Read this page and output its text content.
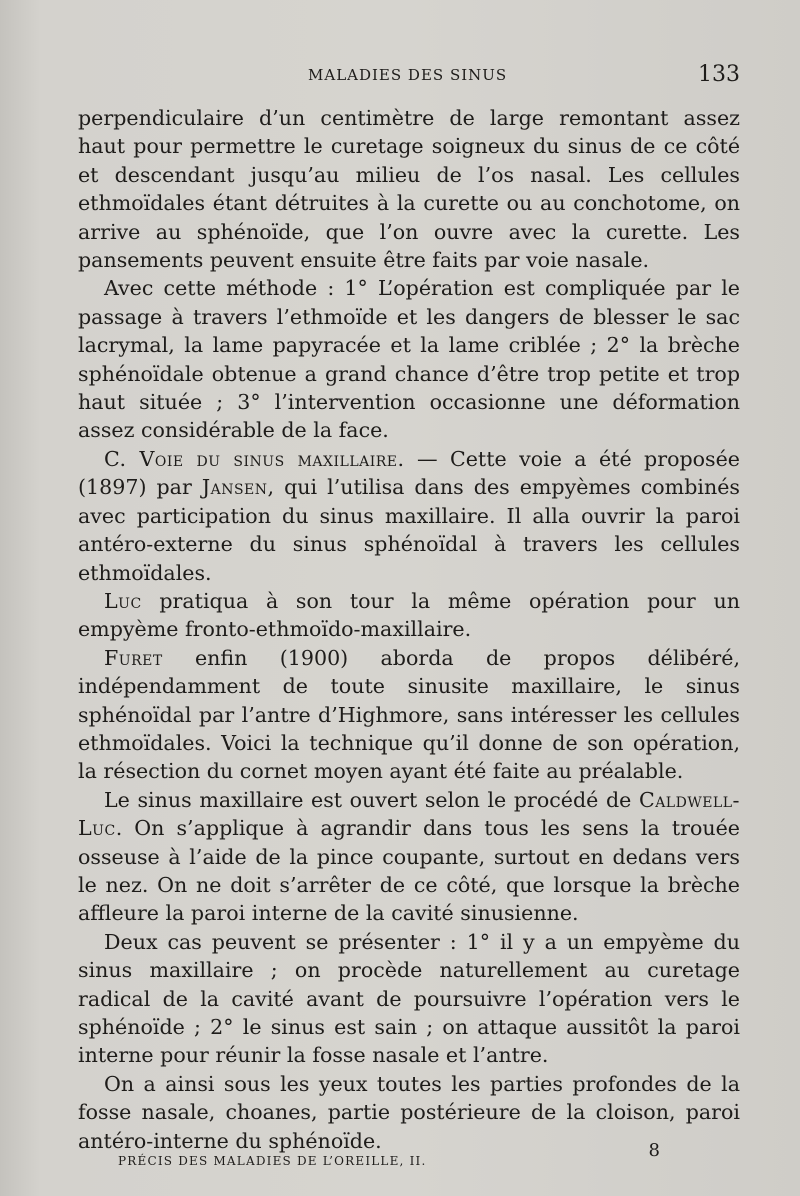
MALADIES DES SINUS	133

perpendiculaire d’un centimètre de large remontant assez haut pour permettre le curetage soigneux du sinus de ce côté et descendant jusqu’au milieu de l’os nasal. Les cellules ethmoïdales étant détruites à la curette ou au conchotome, on arrive au sphénoïde, que l’on ouvre avec la curette. Les pansements peuvent ensuite être faits par voie nasale.

Avec cette méthode : 1° L’opération est compliquée par le passage à travers l’ethmoïde et les dangers de blesser le sac lacrymal, la lame papyracée et la lame criblée ; 2° la brèche sphénoïdale obtenue a grand chance d’être trop petite et trop haut située ; 3° l’intervention occasionne une déformation assez considérable de la face.

C. Voie du sinus maxillaire. — Cette voie a été proposée (1897) par Jansen, qui l’utilisa dans des empyèmes combinés avec participation du sinus maxillaire. Il alla ouvrir la paroi antéro-externe du sinus sphénoïdal à travers les cellules ethmoïdales.

Luc pratiqua à son tour la même opération pour un empyème fronto-ethmoïdo-maxillaire.

Furet enfin (1900) aborda de propos délibéré, indépendamment de toute sinusite maxillaire, le sinus sphénoïdal par l’antre d’Highmore, sans intéresser les cellules ethmoïdales. Voici la technique qu’il donne de son opération, la résection du cornet moyen ayant été faite au préalable.

Le sinus maxillaire est ouvert selon le procédé de Caldwell-Luc. On s’applique à agrandir dans tous les sens la trouée osseuse à l’aide de la pince coupante, surtout en dedans vers le nez. On ne doit s’arrêter de ce côté, que lorsque la brèche affleure la paroi interne de la cavité sinusienne.

Deux cas peuvent se présenter : 1° il y a un empyème du sinus maxillaire ; on procède naturellement au curetage radical de la cavité avant de poursuivre l’opération vers le sphénoïde ; 2° le sinus est sain ; on attaque aussitôt la paroi interne pour réunir la fosse nasale et l’antre.

On a ainsi sous les yeux toutes les parties profondes de la fosse nasale, choanes, partie postérieure de la cloison, paroi antéro-interne du sphénoïde.

PRÉCIS DES MALADIES DE L’OREILLE, II.	8
